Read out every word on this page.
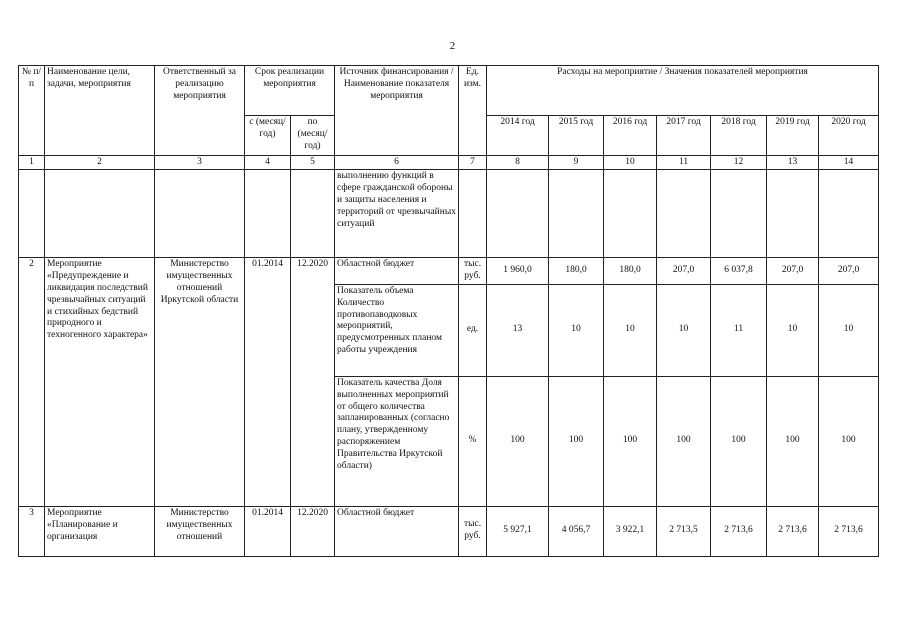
2
№ п/п	Наименование цели, задачи, мероприятия	Ответственный за реализацию мероприятия	Срок реализации мероприятия		Источник финансирования / Наименование показателя мероприятия	Ед. изм.	Расходы на мероприятие / Значения показателей мероприятия						
			с (месяц/год)	по (месяц/год)			2014 год	2015 год	2016 год	2017 год	2018 год	2019 год	2020 год
1	2	3	4	5	6	7	8	9	10	11	12	13	14
					выполнению функций в сфере гражданской обороны и защиты населения и территорий от чрезвычайных ситуаций								
2	Мероприятие «Предупреждение и ликвидация последствий чрезвычайных ситуаций и стихийных бедствий природного и техногенного характера»	Министерство имущественных отношений Иркутской области	01.2014	12.2020	Областной бюджет	тыс. руб.	1 960,0	180,0	180,0	207,0	6 037,8	207,0	207,0
					Показатель объема Количество противопаводковых мероприятий, предусмотренных планом работы учреждения	ед.	13	10	10	10	11	10	10
					Показатель качества Доля выполненных мероприятий от общего количества запланированных (согласно плану, утвержденному распоряжением Правительства Иркутской области)	%	100	100	100	100	100	100	100
3	Мероприятие «Планирование и организация	Министерство имущественных отношений	01.2014	12.2020	Областной бюджет	тыс. руб.	5 927,1	4 056,7	3 922,1	2 713,5	2 713,6	2 713,6	2 713,6
